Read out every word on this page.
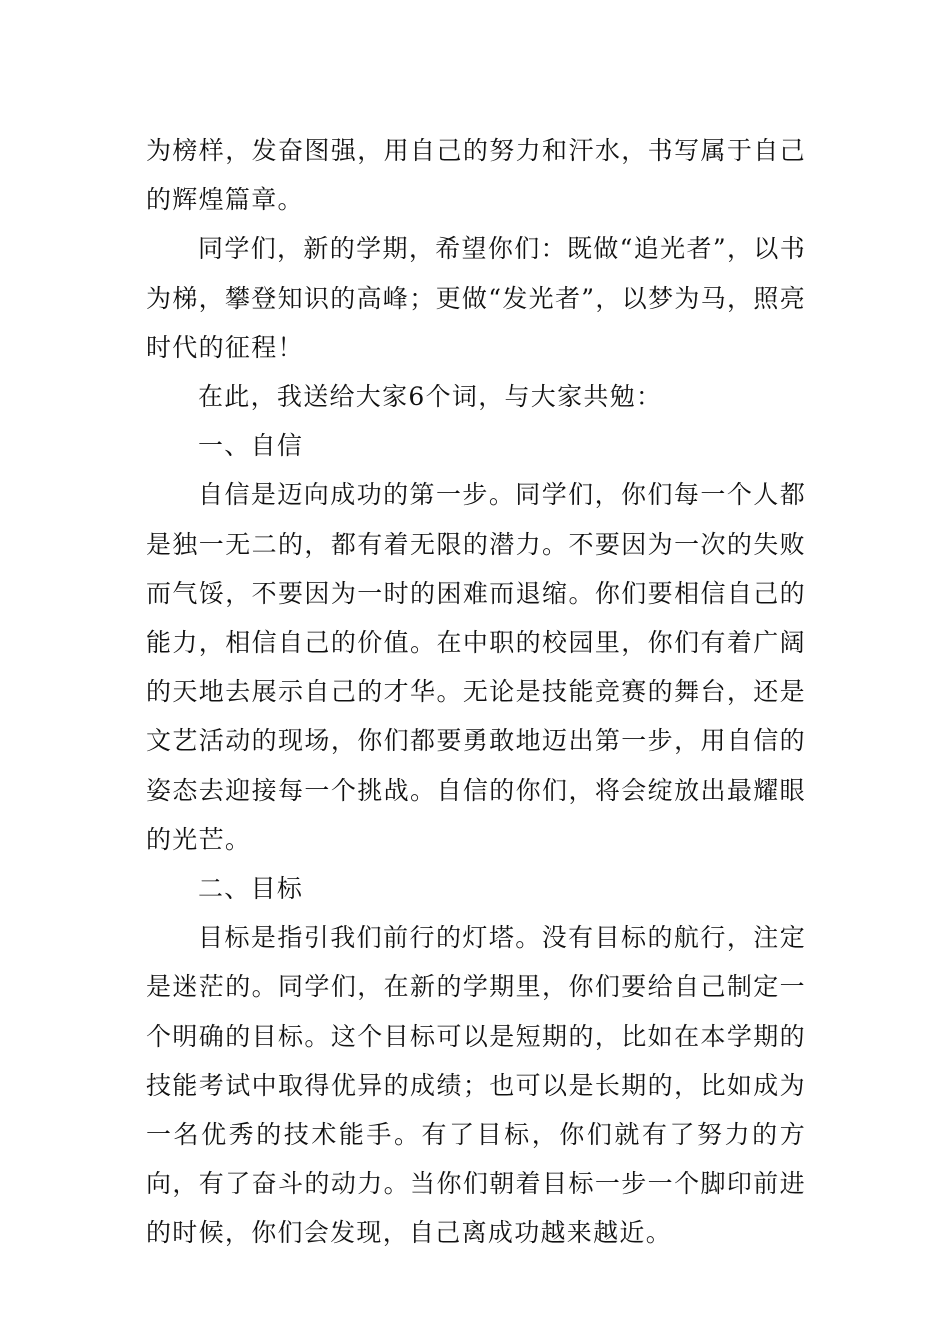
为榜样，发奋图强，用自己的努力和汗水，书写属于自己的辉煌篇章。

同学们，新的学期，希望你们：既做“追光者”，以书为梯，攀登知识的高峰；更做“发光者”，以梦为马，照亮时代的征程！

在此，我送给大家6个词，与大家共勉：

一、自信

自信是迈向成功的第一步。同学们，你们每一个人都是独一无二的，都有着无限的潜力。不要因为一次的失败而气馁，不要因为一时的困难而退缩。你们要相信自己的能力，相信自己的价值。在中职的校园里，你们有着广阔的天地去展示自己的才华。无论是技能竞赛的舞台，还是文艺活动的现场，你们都要勇敢地迈出第一步，用自信的姿态去迎接每一个挑战。自信的你们，将会绽放出最耀眼的光芒。

二、目标

目标是指引我们前行的灯塔。没有目标的航行，注定是迷茫的。同学们，在新的学期里，你们要给自己制定一个明确的目标。这个目标可以是短期的，比如在本学期的技能考试中取得优异的成绩；也可以是长期的，比如成为一名优秀的技术能手。有了目标，你们就有了努力的方向，有了奋斗的动力。当你们朝着目标一步一个脚印前进的时候，你们会发现，自己离成功越来越近。
